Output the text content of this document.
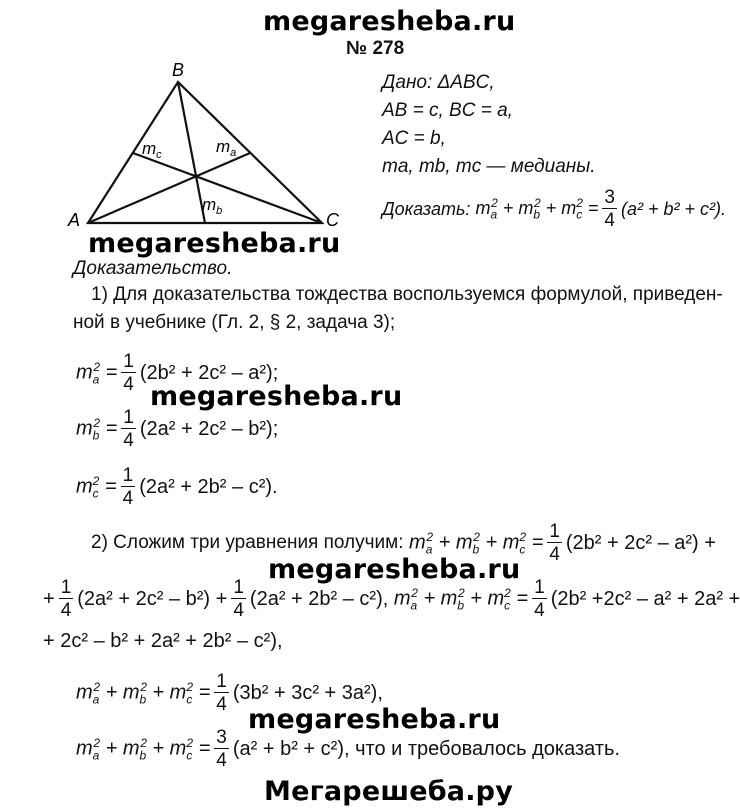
megaresheba.ru
megaresheba.ru
megaresheba.ru
megaresheba.ru
megaresheba.ru
Мегарешеба.ру
№ 278
A
B
C
$m_c$	$m_a$
$m_b$
Дано: ΔABC,
AB = c, BC = a,
AC = b,
ma, mb, mc — медианы.
Доказать: $m_a^2 + m_b^2 + m_c^2 = \frac{3}{4} (a^2 + b^2 + c^2)$.
Доказательство.
1) Для доказательства тождества воспользуемся формулой, приведен-
ной в учебнике (Гл. 2, § 2, задача 3);
$m_a^2 = \frac{1}{4} (2b^2 + 2c^2 - a^2)$;
$m_b^2 = \frac{1}{4} (2a^2 + 2c^2 - b^2)$;
$m_c^2 = \frac{1}{4} (2a^2 + 2b^2 - c^2)$.
2) Сложим три уравнения получим: $m_a^2 + m_b^2 + m_c^2 = \frac{1}{4} (2b^2 + 2c^2 - a^2)$ +
+ $\frac{1}{4} (2a^2 + 2c^2 - b^2) + \frac{1}{4} (2a^2 + 2b^2 - c^2)$, $m_a^2 + m_b^2 + m_c^2 = \frac{1}{4} (2b^2 +2c^2 - a^2 + 2a^2$ +
+ 2c² – b² + 2a² + 2b² – c²),
$m_a^2 + m_b^2 + m_c^2 = \frac{1}{4} (3b^2 + 3c^2 + 3a^2)$,
$m_a^2 + m_b^2 + m_c^2 = \frac{3}{4} (a^2 + b^2 + c^2)$, что и требовалось доказать.
